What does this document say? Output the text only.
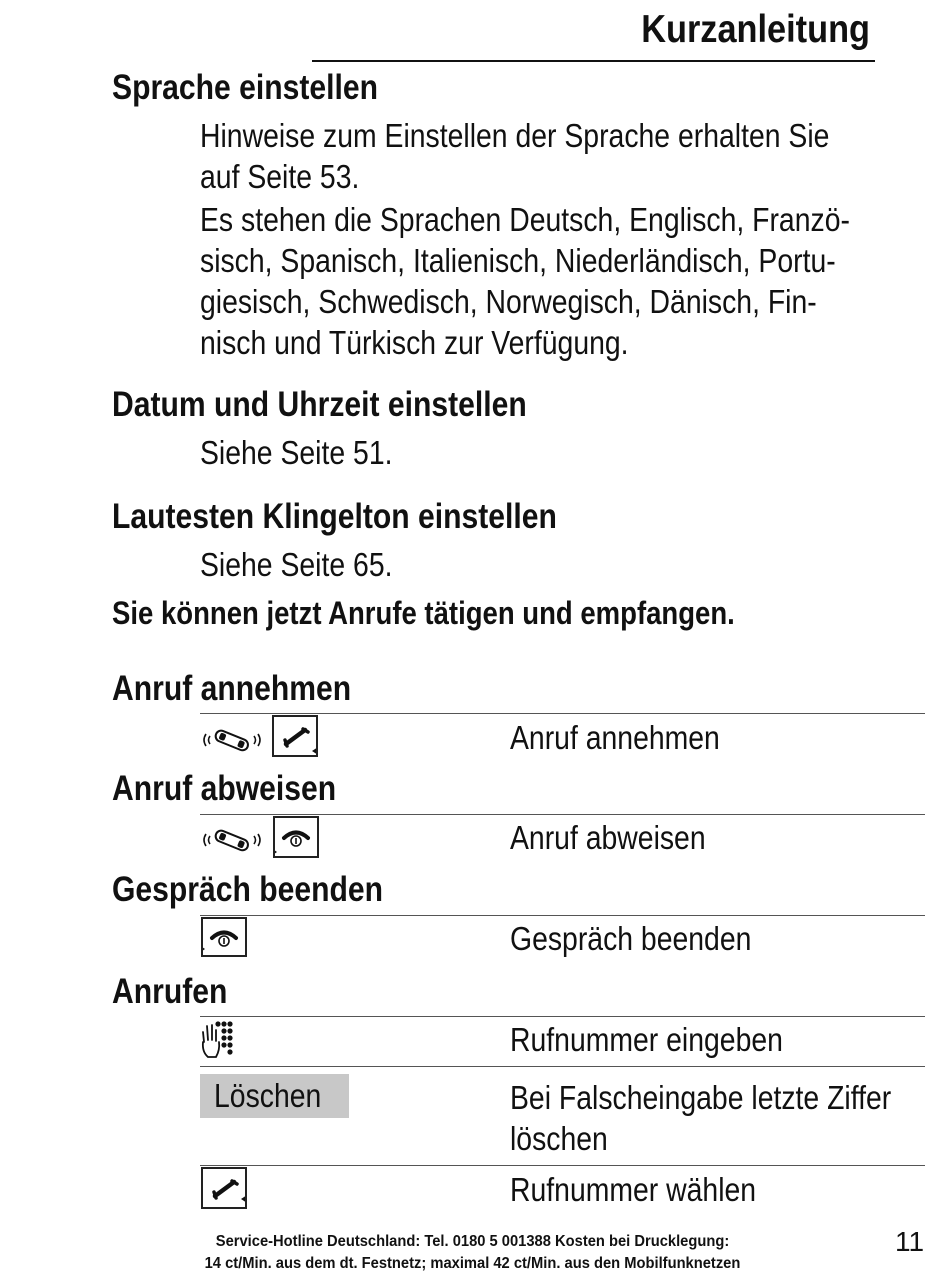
Kurzanleitung
Sprache einstellen
Hinweise zum Einstellen der Sprache erhalten Sie
auf Seite 53.
Es stehen die Sprachen Deutsch, Englisch, Franzö-
sisch, Spanisch, Italienisch, Niederländisch, Portu-
giesisch, Schwedisch, Norwegisch, Dänisch, Fin-
nisch und Türkisch zur Verfügung.
Datum und Uhrzeit einstellen
Siehe Seite 51.
Lautesten Klingelton einstellen
Siehe Seite 65.
Sie können jetzt Anrufe tätigen und empfangen.
Anruf annehmen
Anruf annehmen
Anruf abweisen
Anruf abweisen
Gespräch beenden
Gespräch beenden
Anrufen
Rufnummer eingeben
Löschen	Bei Falscheingabe letzte Ziffer
löschen
Rufnummer wählen
Service-Hotline Deutschland: Tel. 0180 5 001388 Kosten bei Drucklegung:
14 ct/Min. aus dem dt. Festnetz; maximal 42 ct/Min. aus den Mobilfunknetzen
11
